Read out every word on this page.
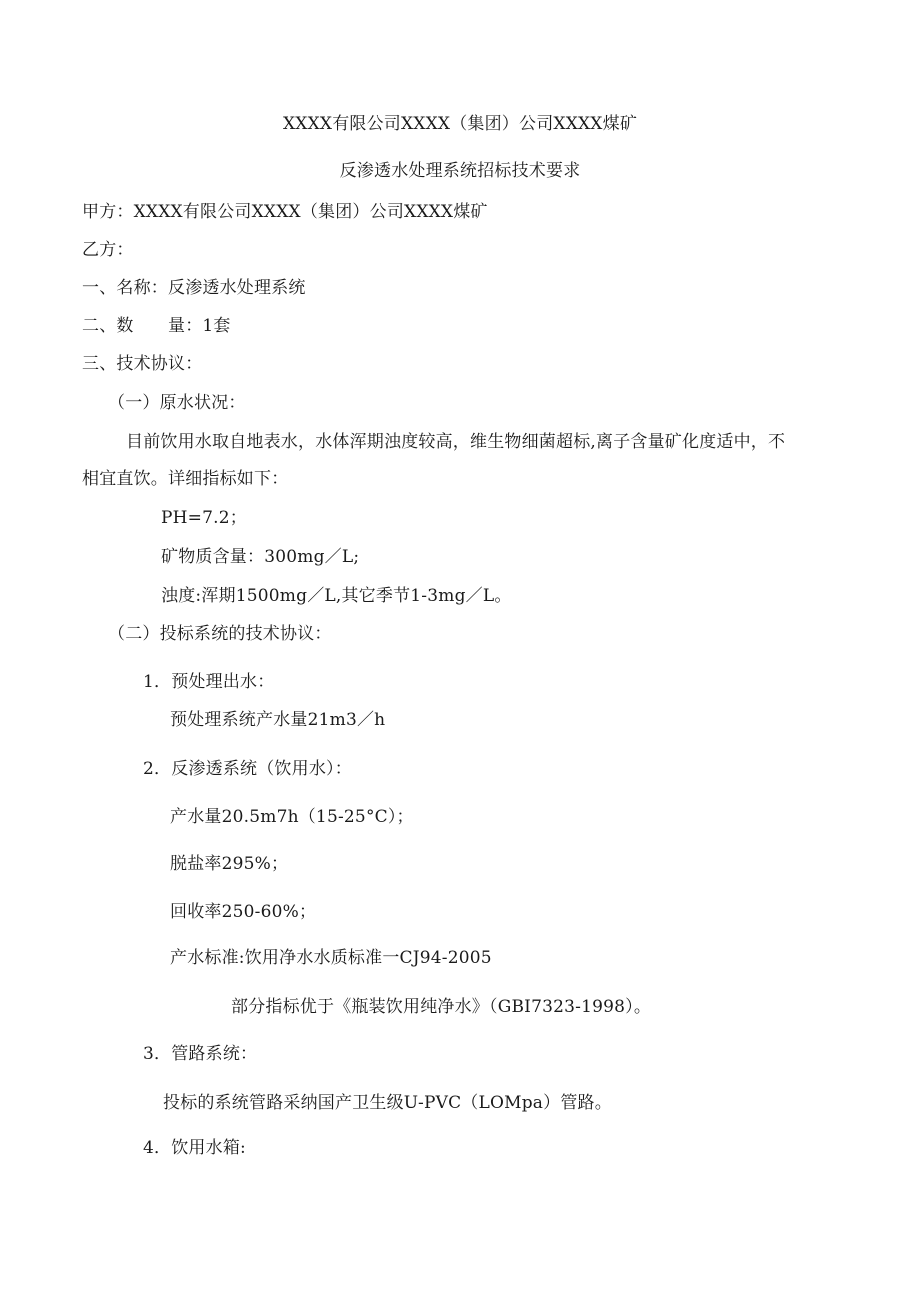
XXXX有限公司XXXX（集团）公司XXXX煤矿
反渗透水处理系统招标技术要求
甲方：XXXX有限公司XXXX（集团）公司XXXX煤矿
乙方：
一、名称：反渗透水处理系统
二、数　　量：1套
三、技术协议：
（一）原水状况：
目前饮用水取自地表水，水体浑期浊度较高，维生物细菌超标,离子含量矿化度适中，不
相宜直饮。详细指标如下：
PH=7.2；
矿物质含量：300mg／L;
浊度:浑期1500mg／L,其它季节1-3mg／L。
（二）投标系统的技术协议：
1．预处理出水：
预处理系统产水量21m3／h
2．反渗透系统（饮用水）：
产水量20.5m7h（15-25°C）；
脱盐率295%；
回收率250-60%；
产水标准:饮用净水水质标准一CJ94-2005
部分指标优于《瓶装饮用纯净水》（GBI7323-1998）。
3．管路系统：
投标的系统管路采纳国产卫生级U-PVC（LOMpa）管路。
4．饮用水箱:
